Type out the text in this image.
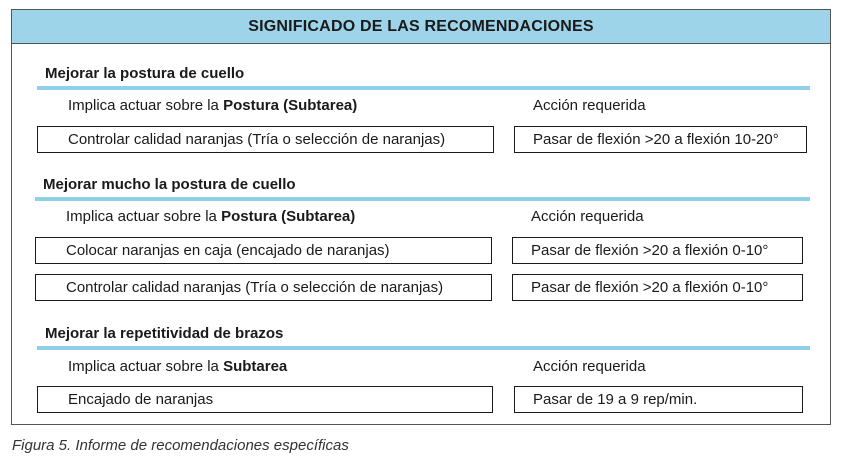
SIGNIFICADO DE LAS RECOMENDACIONES
Mejorar la postura de cuello
Implica actuar sobre la Postura (Subtarea)	Acción requerida
Controlar calidad naranjas (Tría o selección de naranjas)	Pasar de flexión >20 a flexión 10-20°
Mejorar mucho la postura de cuello
Implica actuar sobre la Postura (Subtarea)	Acción requerida
Colocar naranjas en caja (encajado de naranjas)	Pasar de flexión >20 a flexión 0-10°
Controlar calidad naranjas (Tría o selección de naranjas)	Pasar de flexión >20 a flexión 0-10°
Mejorar la repetitividad de brazos
Implica actuar sobre la Subtarea	Acción requerida
Encajado de naranjas	Pasar de 19 a 9 rep/min.
Figura 5. Informe de recomendaciones específicas
